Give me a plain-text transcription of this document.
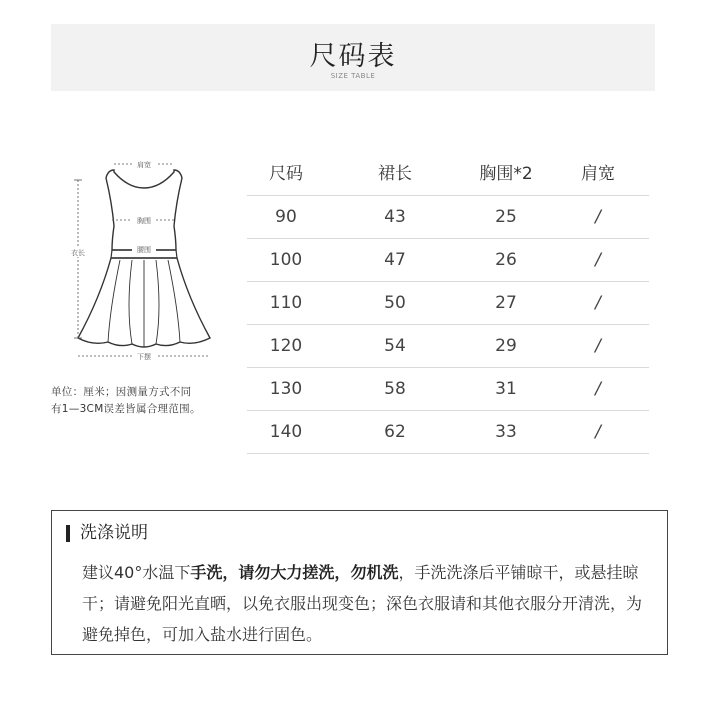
尺码表
SIZE TABLE
肩宽
胸围
腰围
衣长
下摆
单位：厘米；因测量方式不同
有1—3CM误差皆属合理范围。
尺码	裙长	胸围*2	肩宽
90	43	25	/
100	47	26	/
110	50	27	/
120	54	29	/
130	58	31	/
140	62	33	/
洗涤说明
建议40°水温下手洗，请勿大力搓洗，勿机洗，手洗洗涤后平铺晾干，或悬挂晾干；请避免阳光直晒，以免衣服出现变色；深色衣服请和其他衣服分开清洗，为避免掉色，可加入盐水进行固色。
